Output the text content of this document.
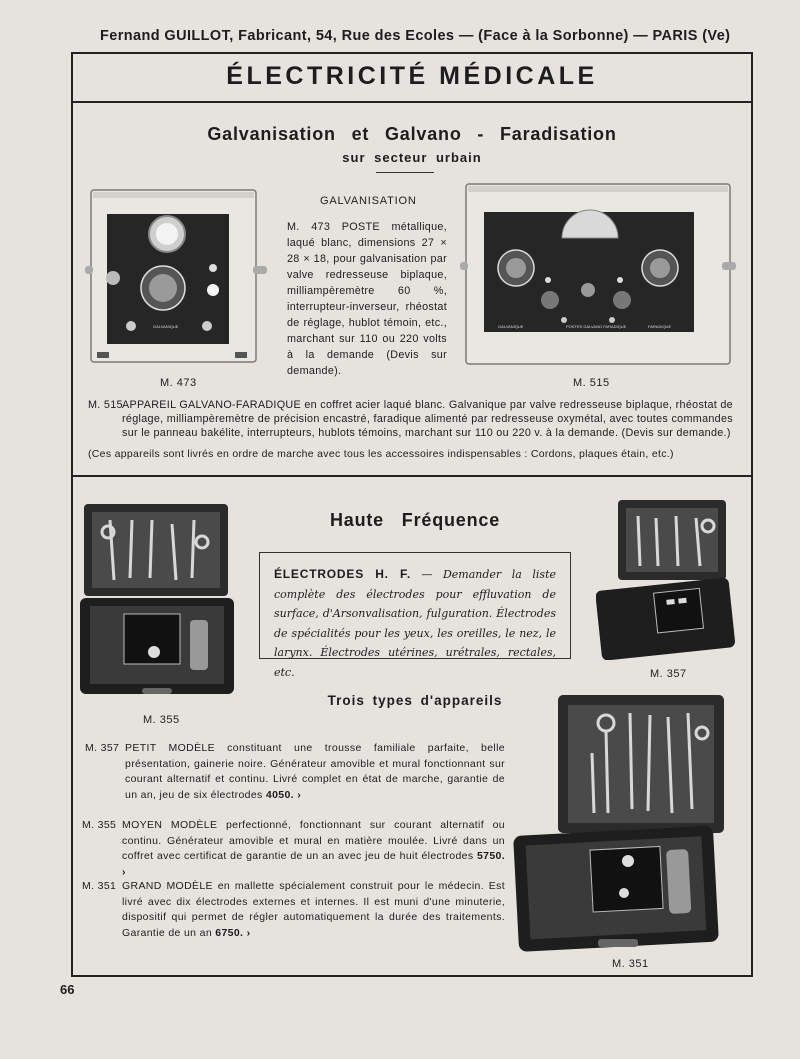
Fernand GUILLOT, Fabricant, 54, Rue des Ecoles — (Face à la Sorbonne) — PARIS (Ve)
ÉLECTRICITÉ MÉDICALE
Galvanisation et Galvano - Faradisation
sur secteur urbain
GALVANIQUE
M. 473
GALVANISATION
M. 473 POSTE métallique, laqué blanc, dimensions 27 × 28 × 18, pour galvanisation par valve redresseuse biplaque, milliampèremètre 60 %, interrupteur-inverseur, rhéostat de réglage, hublot témoin, etc., marchant sur 110 ou 220 volts à la demande (Devis sur demande).
GALVANIQUE	POSTES GALVANO FARADIQUE	FARADIQUE
M. 515
M. 515 APPAREIL GALVANO-FARADIQUE en coffret acier laqué blanc. Galvanique par valve redresseuse biplaque, rhéostat de réglage, milliampèremètre de précision encastré, faradique alimenté par redresseuse oxymétal, avec toutes commandes sur le panneau bakélite, interrupteurs, hublots témoins, marchant sur 110 ou 220 v. à la demande. (Devis sur demande.)
(Ces appareils sont livrés en ordre de marche avec tous les accessoires indispensables : Cordons, plaques étain, etc.)
Haute Fréquence
M. 355
ÉLECTRODES H. F. — Demander la liste complète des électrodes pour effluvation de surface, d'Arsonvalisation, fulguration. Électrodes de spécialités pour les yeux, les oreilles, le nez, le larynx. Électrodes utérines, urétrales, rectales, etc.	M. 357
Trois types d'appareils
M. 357 PETIT MODÈLE constituant une trousse familiale parfaite, belle présentation, gainerie noire. Générateur amovible et mural fonctionnant sur courant alternatif et continu. Livré complet en état de marche, garantie de un an, jeu de six électrodes 4050. ›
M. 355 MOYEN MODÈLE perfectionné, fonctionnant sur courant alternatif ou continu. Générateur amovible et mural en matière moulée. Livré dans un coffret avec certificat de garantie de un an avec jeu de huit électrodes 5750. ›
M. 351 GRAND MODÈLE en mallette spécialement construit pour le médecin. Est livré avec dix électrodes externes et internes. Il est muni d'une minuterie, dispositif qui permet de régler automatiquement la durée des traitements. Garantie de un an 6750. ›
M. 351
66
